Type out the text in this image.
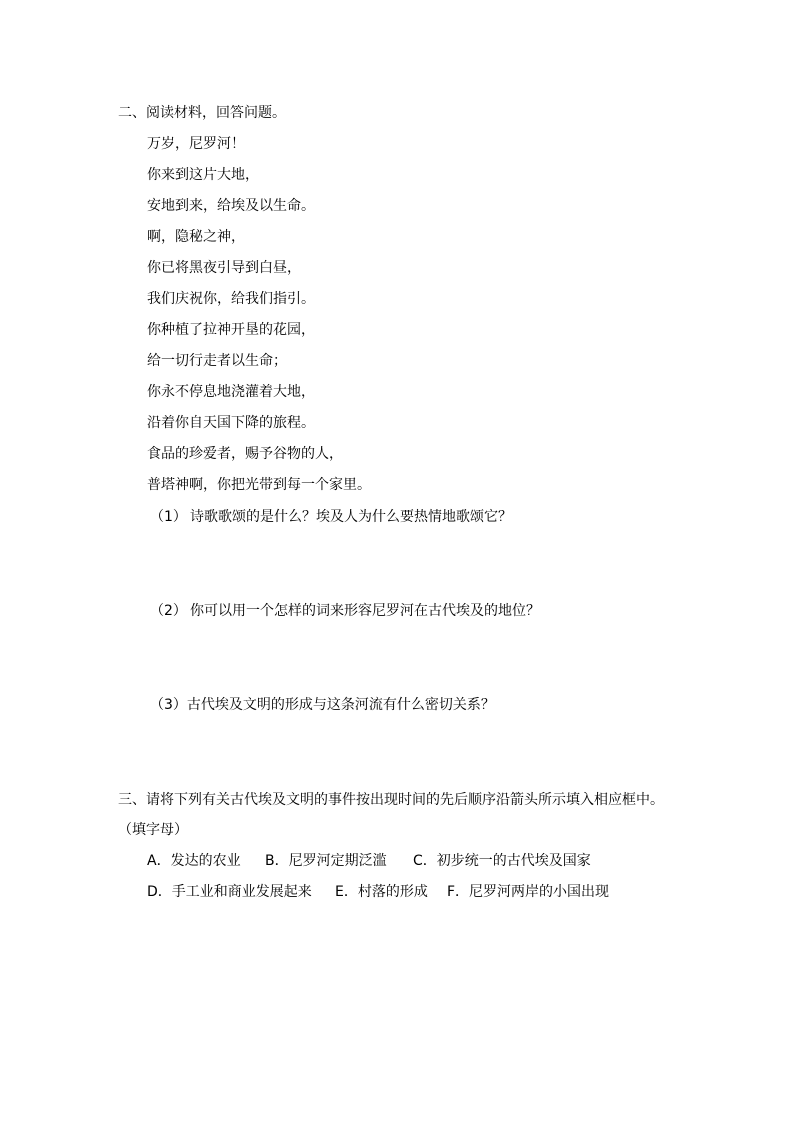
二、阅读材料，回答问题。
万岁，尼罗河！
你来到这片大地，
安地到来，给埃及以生命。
啊，隐秘之神，
你已将黑夜引导到白昼，
我们庆祝你，给我们指引。
你种植了拉神开垦的花园，
给一切行走者以生命；
你永不停息地浇灌着大地，
沿着你自天国下降的旅程。
食品的珍爱者，赐予谷物的人，
普塔神啊，你把光带到每一个家里。
（1） 诗歌歌颂的是什么？埃及人为什么要热情地歌颂它？
（2） 你可以用一个怎样的词来形容尼罗河在古代埃及的地位？
（3）古代埃及文明的形成与这条河流有什么密切关系？
三、请将下列有关古代埃及文明的事件按出现时间的先后顺序沿箭头所示填入相应框中。
（填字母）
A．发达的农业 B．尼罗河定期泛滥 C．初步统一的古代埃及国家
D．手工业和商业发展起来 E．村落的形成 F．尼罗河两岸的小国出现
